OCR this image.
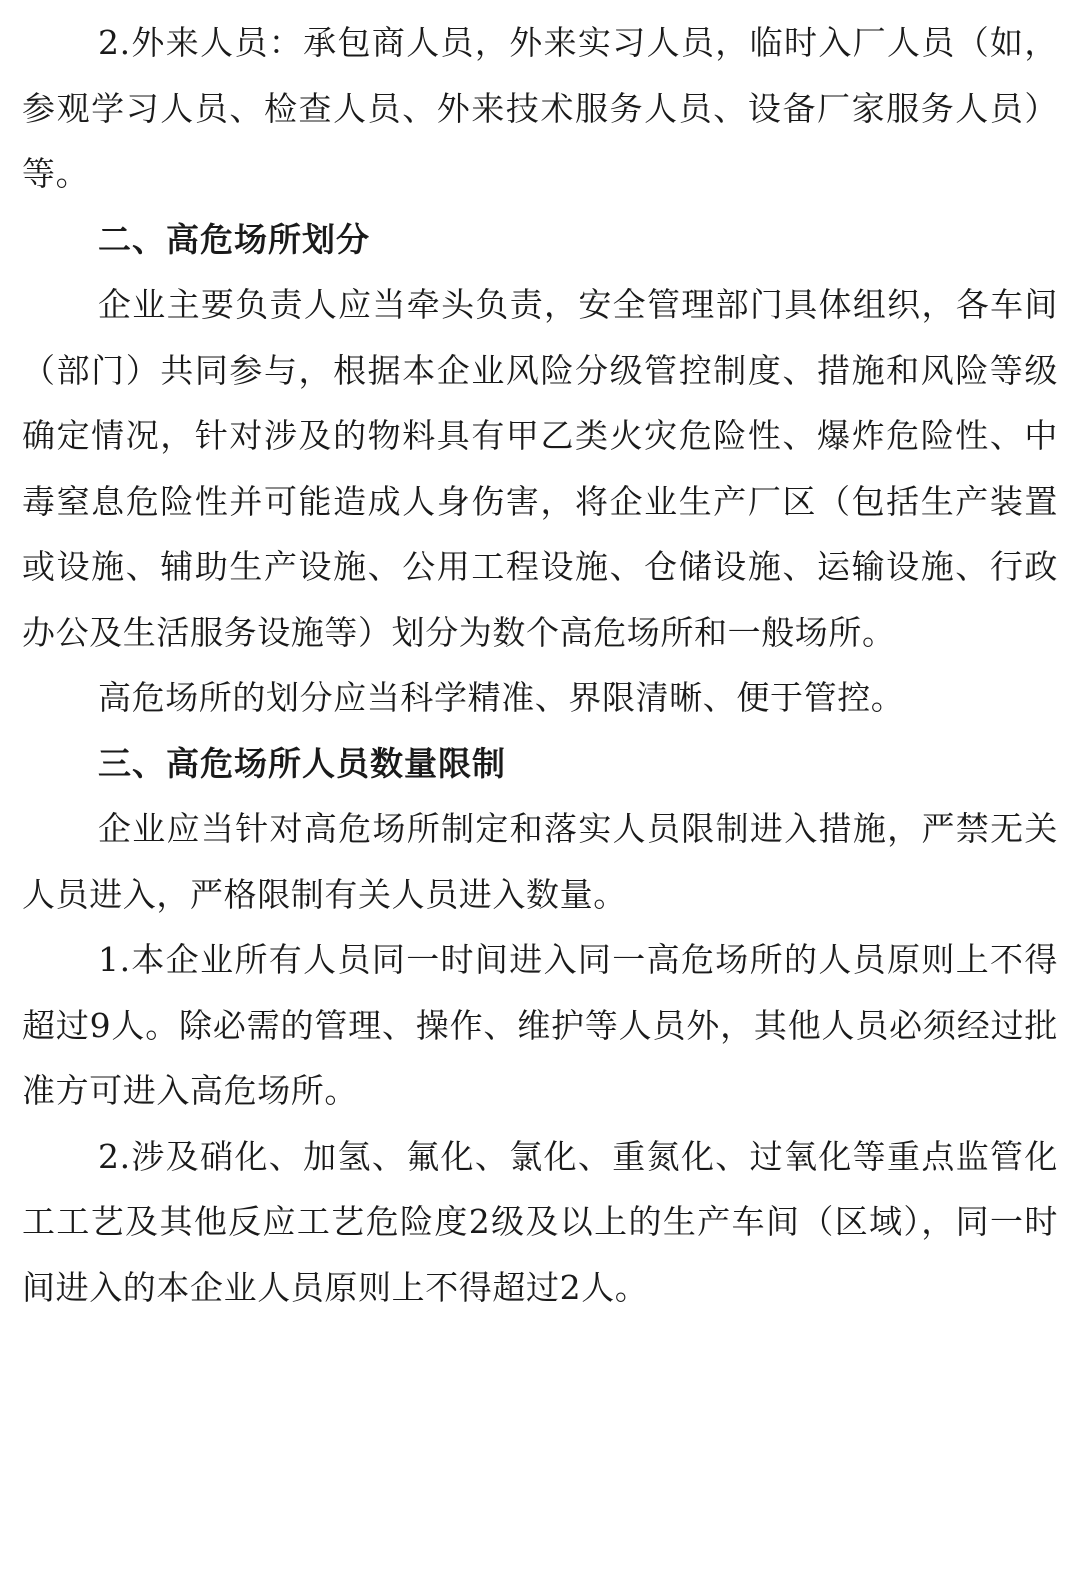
2.外来人员：承包商人员，外来实习人员，临时入厂人员（如，参观学习人员、检查人员、外来技术服务人员、设备厂家服务人员）等。

二、高危场所划分

企业主要负责人应当牵头负责，安全管理部门具体组织，各车间（部门）共同参与，根据本企业风险分级管控制度、措施和风险等级确定情况，针对涉及的物料具有甲乙类火灾危险性、爆炸危险性、中毒窒息危险性并可能造成人身伤害，将企业生产厂区（包括生产装置或设施、辅助生产设施、公用工程设施、仓储设施、运输设施、行政办公及生活服务设施等）划分为数个高危场所和一般场所。

高危场所的划分应当科学精准、界限清晰、便于管控。

三、高危场所人员数量限制

企业应当针对高危场所制定和落实人员限制进入措施，严禁无关人员进入，严格限制有关人员进入数量。

1.本企业所有人员同一时间进入同一高危场所的人员原则上不得超过9人。除必需的管理、操作、维护等人员外，其他人员必须经过批准方可进入高危场所。

2.涉及硝化、加氢、氟化、氯化、重氮化、过氧化等重点监管化工工艺及其他反应工艺危险度2级及以上的生产车间（区域），同一时间进入的本企业人员原则上不得超过2人。
